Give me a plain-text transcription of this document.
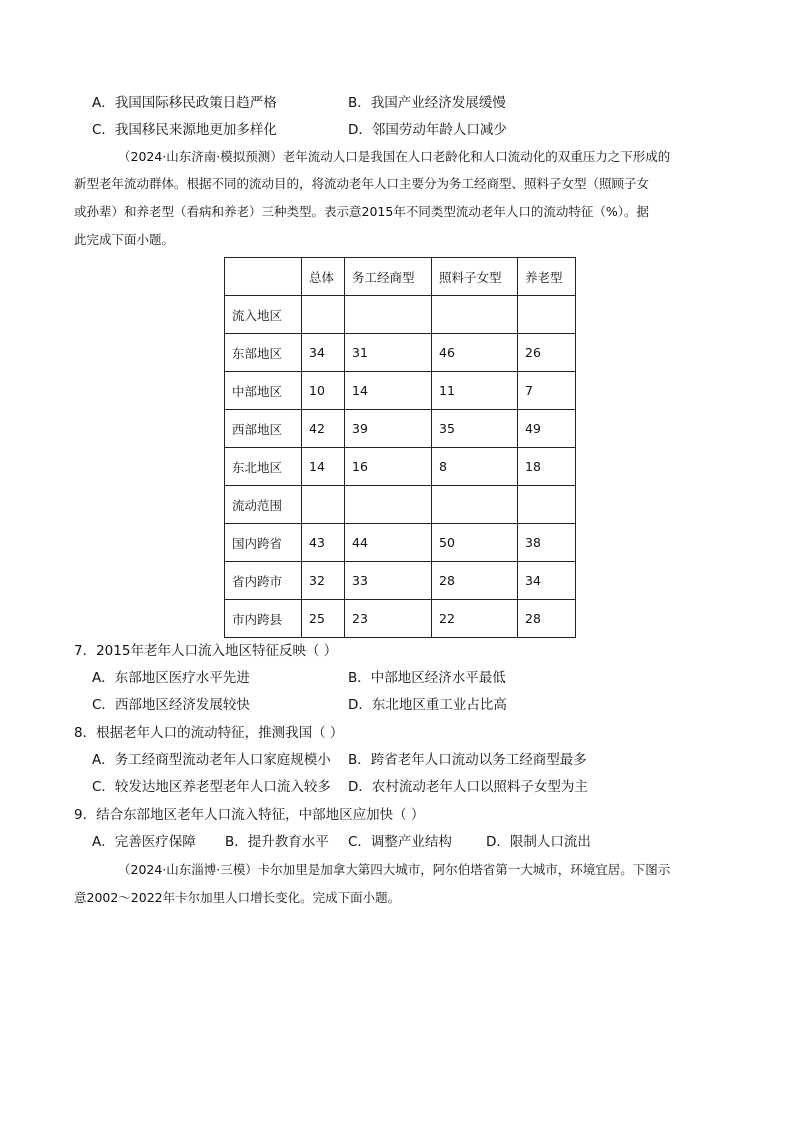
A．我国国际移民政策日趋严格	B．我国产业经济发展缓慢
C．我国移民来源地更加多样化	D．邻国劳动年龄人口减少
（2024·山东济南·模拟预测）老年流动人口是我国在人口老龄化和人口流动化的双重压力之下形成的
新型老年流动群体。根据不同的流动目的，将流动老年人口主要分为务工经商型、照料子女型（照顾子女
或孙辈）和养老型（看病和养老）三种类型。表示意2015年不同类型流动老年人口的流动特征（%）。据
此完成下面小题。
	总体	务工经商型	照料子女型	养老型
流入地区				
东部地区	34	31	46	26
中部地区	10	14	11	7
西部地区	42	39	35	49
东北地区	14	16	8	18
流动范围				
国内跨省	43	44	50	38
省内跨市	32	33	28	34
市内跨县	25	23	22	28
7．2015年老年人口流入地区特征反映（ ）
A．东部地区医疗水平先进	B．中部地区经济水平最低
C．西部地区经济发展较快	D．东北地区重工业占比高
8．根据老年人口的流动特征，推测我国（ ）
A．务工经商型流动老年人口家庭规模小 B．跨省老年人口流动以务工经商型最多
C．较发达地区养老型老年人口流入较多 D．农村流动老年人口以照料子女型为主
9．结合东部地区老年人口流入特征，中部地区应加快（ ）
A．完善医疗保障 B．提升教育水平 C．调整产业结构	D．限制人口流出
（2024·山东淄博·三模）卡尔加里是加拿大第四大城市，阿尔伯塔省第一大城市，环境宜居。下图示
意2002～2022年卡尔加里人口增长变化。完成下面小题。
